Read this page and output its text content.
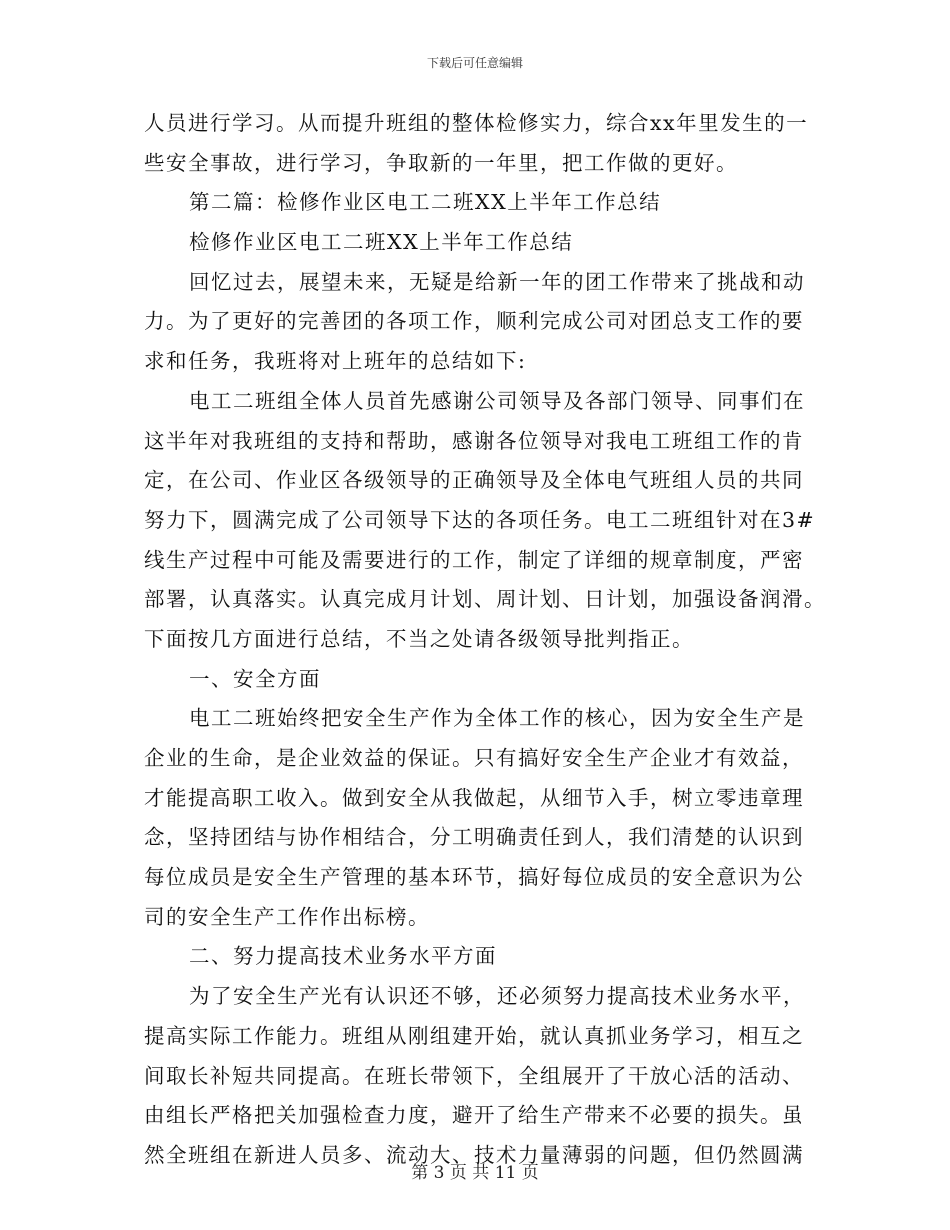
下载后可任意编辑
人员进行学习。从而提升班组的整体检修实力，综合xx年里发生的一
些安全事故，进行学习，争取新的一年里，把工作做的更好。
第二篇：检修作业区电工二班XX上半年工作总结
检修作业区电工二班XX上半年工作总结
回忆过去，展望未来，无疑是给新一年的团工作带来了挑战和动
力。为了更好的完善团的各项工作，顺利完成公司对团总支工作的要
求和任务，我班将对上班年的总结如下:
电工二班组全体人员首先感谢公司领导及各部门领导、同事们在
这半年对我班组的支持和帮助，感谢各位领导对我电工班组工作的肯
定，在公司、作业区各级领导的正确领导及全体电气班组人员的共同
努力下，圆满完成了公司领导下达的各项任务。电工二班组针对在3#
线生产过程中可能及需要进行的工作，制定了详细的规章制度，严密
部署，认真落实。认真完成月计划、周计划、日计划，加强设备润滑。
下面按几方面进行总结，不当之处请各级领导批判指正。
一、安全方面
电工二班始终把安全生产作为全体工作的核心，因为安全生产是
企业的生命，是企业效益的保证。只有搞好安全生产企业才有效益，
才能提高职工收入。做到安全从我做起，从细节入手，树立零违章理
念，坚持团结与协作相结合，分工明确责任到人，我们清楚的认识到
每位成员是安全生产管理的基本环节，搞好每位成员的安全意识为公
司的安全生产工作作出标榜。
二、努力提高技术业务水平方面
为了安全生产光有认识还不够，还必须努力提高技术业务水平，
提高实际工作能力。班组从刚组建开始，就认真抓业务学习，相互之
间取长补短共同提高。在班长带领下，全组展开了干放心活的活动、
由组长严格把关加强检查力度，避开了给生产带来不必要的损失。虽
然全班组在新进人员多、流动大、技术力量薄弱的问题，但仍然圆满
第 3 页 共 11 页
